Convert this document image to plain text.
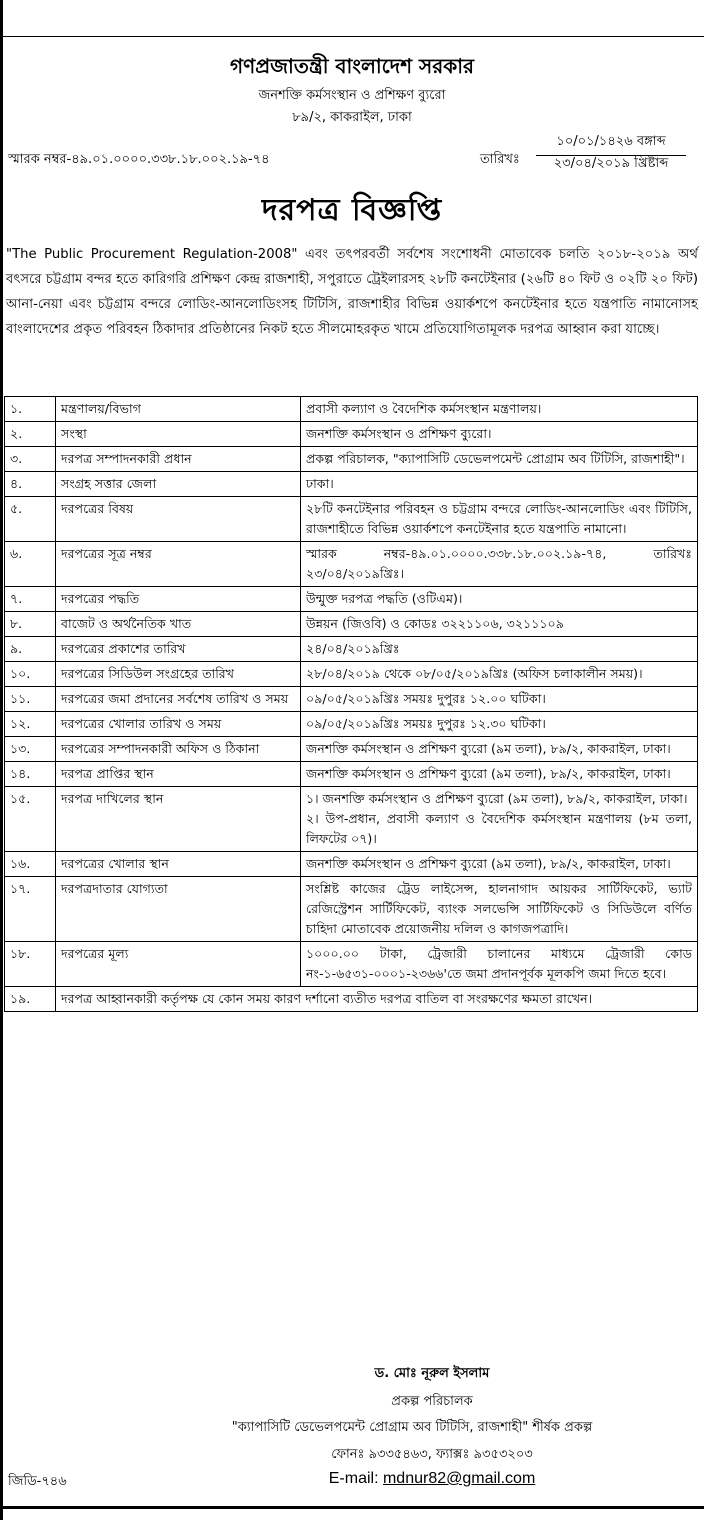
গণপ্রজাতন্ত্রী বাংলাদেশ সরকার
জনশক্তি কর্মসংস্থান ও প্রশিক্ষণ ব্যুরো
৮৯/২, কাকরাইল, ঢাকা
স্মারক নম্বর-৪৯.০১.০০০০.৩৩৮.১৮.০০২.১৯-৭৪	তারিখঃ
১০/০১/১৪২৬ বঙ্গাব্দ
২৩/০৪/২০১৯ খ্রিষ্টাব্দ
দরপত্র বিজ্ঞপ্তি
"The Public Procurement Regulation-2008" এবং তৎপরবর্তী সর্বশেষ সংশোধনী মোতাবেক চলতি ২০১৮-২০১৯ অর্থ বৎসরে চট্টগ্রাম বন্দর হতে কারিগরি প্রশিক্ষণ কেন্দ্র রাজশাহী, সপুরাতে ট্রেইলারসহ ২৮টি কনটেইনার (২৬টি ৪০ ফিট ও ০২টি ২০ ফিট) আনা-নেয়া এবং চট্টগ্রাম বন্দরে লোডিং-আনলোডিংসহ টিটিসি, রাজশাহীর বিভিন্ন ওয়ার্কশপে কনটেইনার হতে যন্ত্রপাতি নামানোসহ বাংলাদেশের প্রকৃত পরিবহন ঠিকাদার প্রতিষ্ঠানের নিকট হতে সীলমোহরকৃত খামে প্রতিযোগিতামূলক দরপত্র আহ্বান করা যাচ্ছে।
১.	মন্ত্রণালয়/বিভাগ	প্রবাসী কল্যাণ ও বৈদেশিক কর্মসংস্থান মন্ত্রণালয়।
২.	সংস্থা	জনশক্তি কর্মসংস্থান ও প্রশিক্ষণ ব্যুরো।
৩.	দরপত্র সম্পাদনকারী প্রধান	প্রকল্প পরিচালক, "ক্যাপাসিটি ডেভেলপমেন্ট প্রোগ্রাম অব টিটিসি, রাজশাহী"।
৪.	সংগ্রহ সত্তার জেলা	ঢাকা।
৫.	দরপত্রের বিষয়	২৮টি কনটেইনার পরিবহন ও চট্টগ্রাম বন্দরে লোডিং-আনলোডিং এবং টিটিসি, রাজশাহীতে বিভিন্ন ওয়ার্কশপে কনটেইনার হতে যন্ত্রপাতি নামানো।
৬.	দরপত্রের সূত্র নম্বর	স্মারক নম্বর-৪৯.০১.০০০০.৩৩৮.১৮.০০২.১৯-৭৪, তারিখঃ ২৩/০৪/২০১৯খ্রিঃ।
৭.	দরপত্রের পদ্ধতি	উন্মুক্ত দরপত্র পদ্ধতি (ওটিএম)।
৮.	বাজেট ও অর্থনৈতিক খাত	উন্নয়ন (জিওবি) ও কোডঃ ৩২২১১০৬, ৩২১১১০৯
৯.	দরপত্রের প্রকাশের তারিখ	২৪/০৪/২০১৯খ্রিঃ
১০.	দরপত্রের সিডিউল সংগ্রহের তারিখ	২৮/০৪/২০১৯ থেকে ০৮/০৫/২০১৯খ্রিঃ (অফিস চলাকালীন সময়)।
১১.	দরপত্রের জমা প্রদানের সর্বশেষ তারিখ ও সময়	০৯/০৫/২০১৯খ্রিঃ সময়ঃ দুপুরঃ ১২.০০ ঘটিকা।
১২.	দরপত্রের খোলার তারিখ ও সময়	০৯/০৫/২০১৯খ্রিঃ সময়ঃ দুপুরঃ ১২.৩০ ঘটিকা।
১৩.	দরপত্রের সম্পাদনকারী অফিস ও ঠিকানা	জনশক্তি কর্মসংস্থান ও প্রশিক্ষণ ব্যুরো (৯ম তলা), ৮৯/২, কাকরাইল, ঢাকা।
১৪.	দরপত্র প্রাপ্তির স্থান	জনশক্তি কর্মসংস্থান ও প্রশিক্ষণ ব্যুরো (৯ম তলা), ৮৯/২, কাকরাইল, ঢাকা।
১৫.	দরপত্র দাখিলের স্থান	১। জনশক্তি কর্মসংস্থান ও প্রশিক্ষণ ব্যুরো (৯ম তলা), ৮৯/২, কাকরাইল, ঢাকা।
২। উপ-প্রধান, প্রবাসী কল্যাণ ও বৈদেশিক কর্মসংস্থান মন্ত্রণালয় (৮ম তলা, লিফটের ০৭)।

১৬.	দরপত্রের খোলার স্থান	জনশক্তি কর্মসংস্থান ও প্রশিক্ষণ ব্যুরো (৯ম তলা), ৮৯/২, কাকরাইল, ঢাকা।
১৭.	দরপত্রদাতার যোগ্যতা	সংশ্লিষ্ট কাজের ট্রেড লাইসেন্স, হালনাগাদ আয়কর সার্টিফিকেট, ভ্যাট রেজিস্ট্রেশন সার্টিফিকেট, ব্যাংক সলভেন্সি সার্টিফিকেট ও সিডিউলে বর্ণিত চাহিদা মোতাবেক প্রয়োজনীয় দলিল ও কাগজপত্রাদি।
১৮.	দরপত্রের মূল্য	১০০০.০০ টাকা, ট্রেজারী চালানের মাধ্যমে ট্রেজারী কোড নং-১-৬৫৩১-০০০১-২৩৬৬'তে জমা প্রদানপূর্বক মূলকপি জমা দিতে হবে।
১৯.	দরপত্র আহ্বানকারী কর্তৃপক্ষ যে কোন সময় কারণ দর্শানো ব্যতীত দরপত্র বাতিল বা সংরক্ষণের ক্ষমতা রাখেন।	
ড. মোঃ নূরুল ইসলাম
প্রকল্প পরিচালক
"ক্যাপাসিটি ডেভেলপমেন্ট প্রোগ্রাম অব টিটিসি, রাজশাহী" শীর্ষক প্রকল্প
ফোনঃ ৯৩৩৫৪৬৩, ফ্যাক্সঃ ৯৩৫৩২০৩
E-mail: mdnur82@gmail.com
জিডি-৭৪৬
